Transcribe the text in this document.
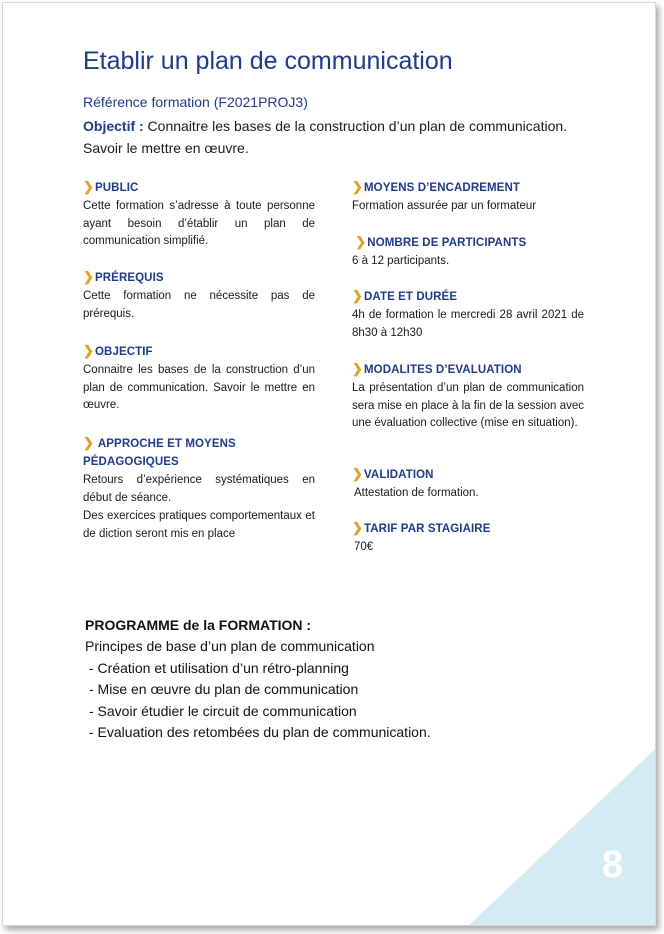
8
Etablir un plan de communication
Référence formation (F2021PROJ3)
Objectif : Connaitre les bases de la construction d’un plan de communication. Savoir le mettre en œuvre.
❯PUBLIC
Cette formation s’adresse à toute personne ayant besoin d’établir un plan de communication simplifié.
❯PRÉREQUIS
Cette formation ne nécessite pas de prérequis.
❯OBJECTIF
Connaitre les bases de la construction d’un plan de communication. Savoir le mettre en œuvre.
❯ APPROCHE ET MOYENS
PÉDAGOGIQUES
Retours d’expérience systématiques en début de séance.
Des exercices pratiques comportementaux et de diction seront mis en place
❯MOYENS D’ENCADREMENT
Formation assurée par un formateur
❯NOMBRE DE PARTICIPANTS
6 à 12 participants.
❯DATE ET DURÉE
4h de formation le mercredi 28 avril 2021 de 8h30 à 12h30
❯MODALITES D’EVALUATION
La présentation d’un plan de communication sera mise en place à la fin de la session avec une évaluation collective (mise en situation).
❯VALIDATION
Attestation de formation.
❯TARIF PAR STAGIAIRE
70€
PROGRAMME de la FORMATION :
Principes de base d’un plan de communication
- Création et utilisation d’un rétro-planning
- Mise en œuvre du plan de communication
- Savoir étudier le circuit de communication
- Evaluation des retombées du plan de communication.
